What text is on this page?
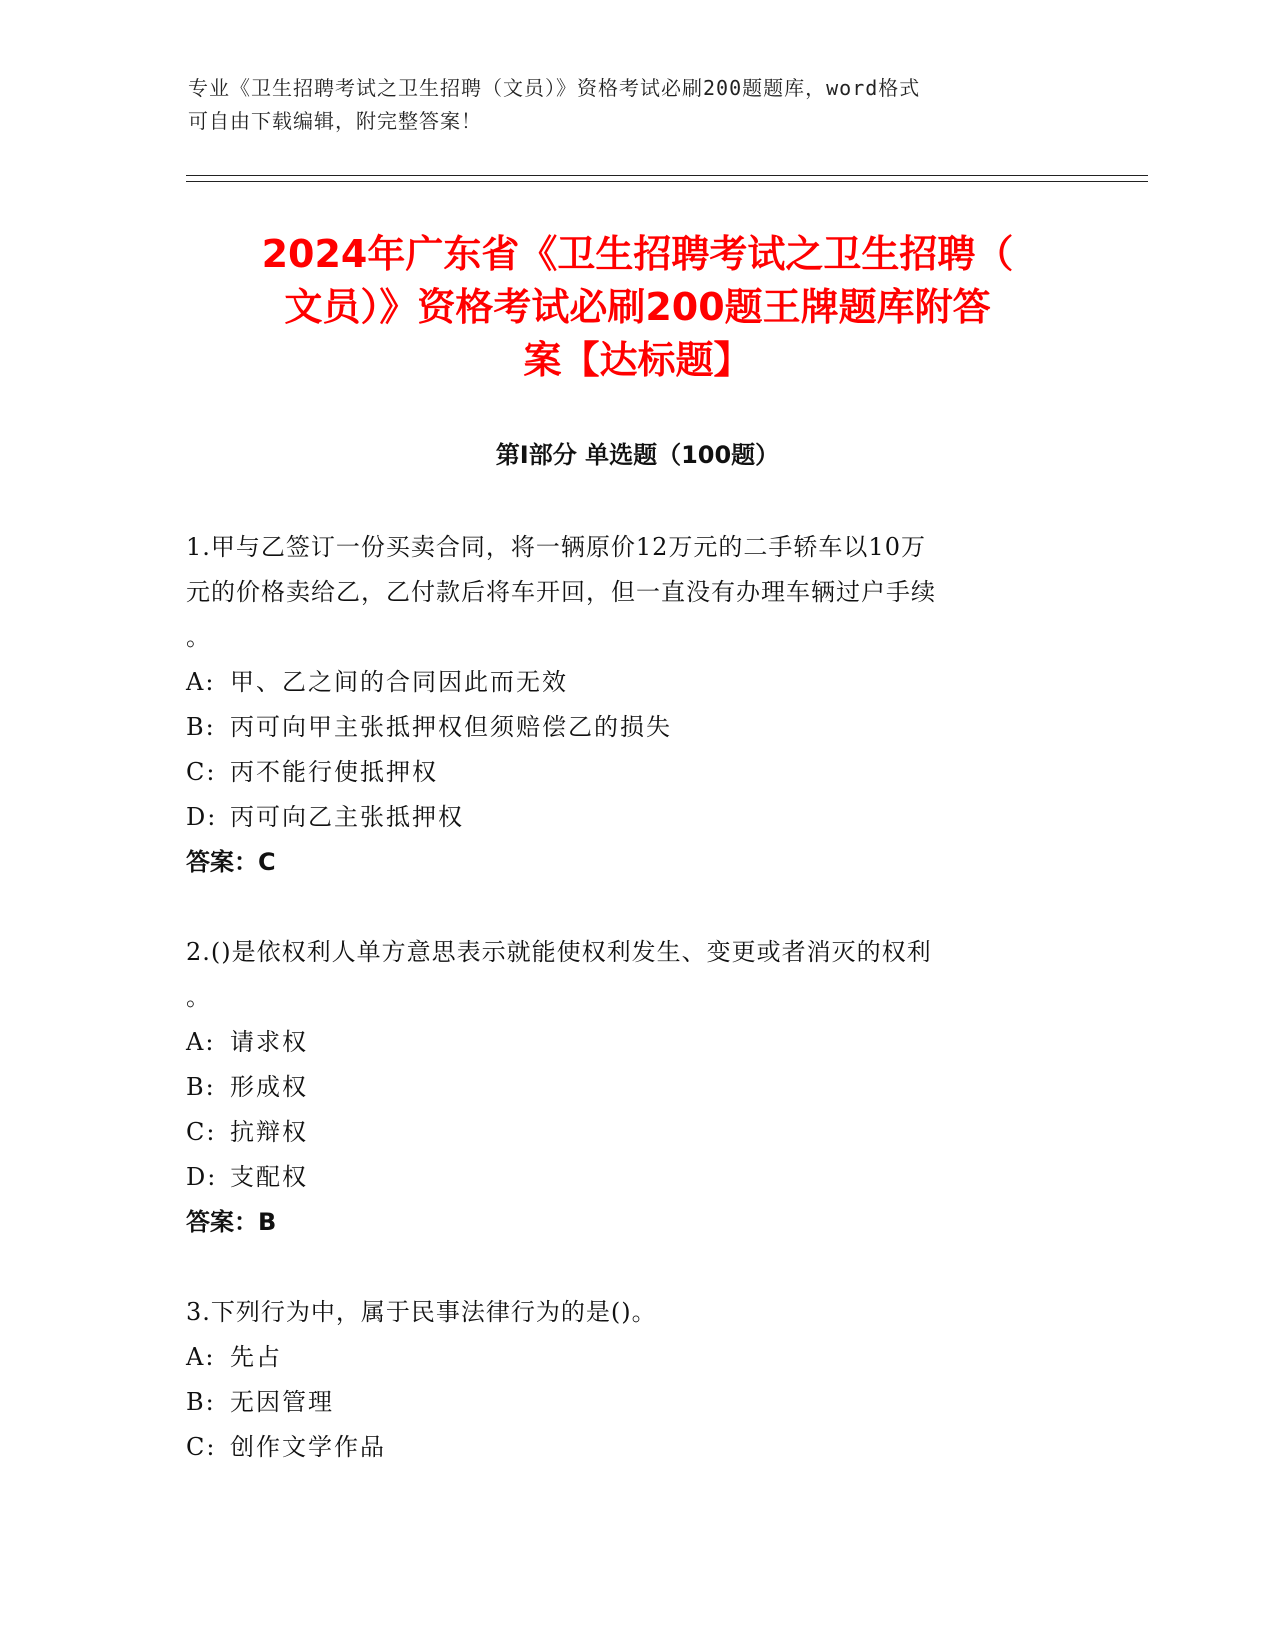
专业《卫生招聘考试之卫生招聘（文员）》资格考试必刷200题题库，word格式
可自由下载编辑，附完整答案！
2024年广东省《卫生招聘考试之卫生招聘（
文员）》资格考试必刷200题王牌题库附答
案【达标题】
第I部分 单选题（100题）
1.甲与乙签订一份买卖合同，将一辆原价12万元的二手轿车以10万
元的价格卖给乙，乙付款后将车开回，但一直没有办理车辆过户手续
。
A: 甲、乙之间的合同因此而无效
B: 丙可向甲主张抵押权但须赔偿乙的损失
C: 丙不能行使抵押权
D: 丙可向乙主张抵押权
答案：C
2.()是依权利人单方意思表示就能使权利发生、变更或者消灭的权利
。
A: 请求权
B: 形成权
C: 抗辩权
D: 支配权
答案：B
3.下列行为中，属于民事法律行为的是()。
A: 先占
B: 无因管理
C: 创作文学作品
